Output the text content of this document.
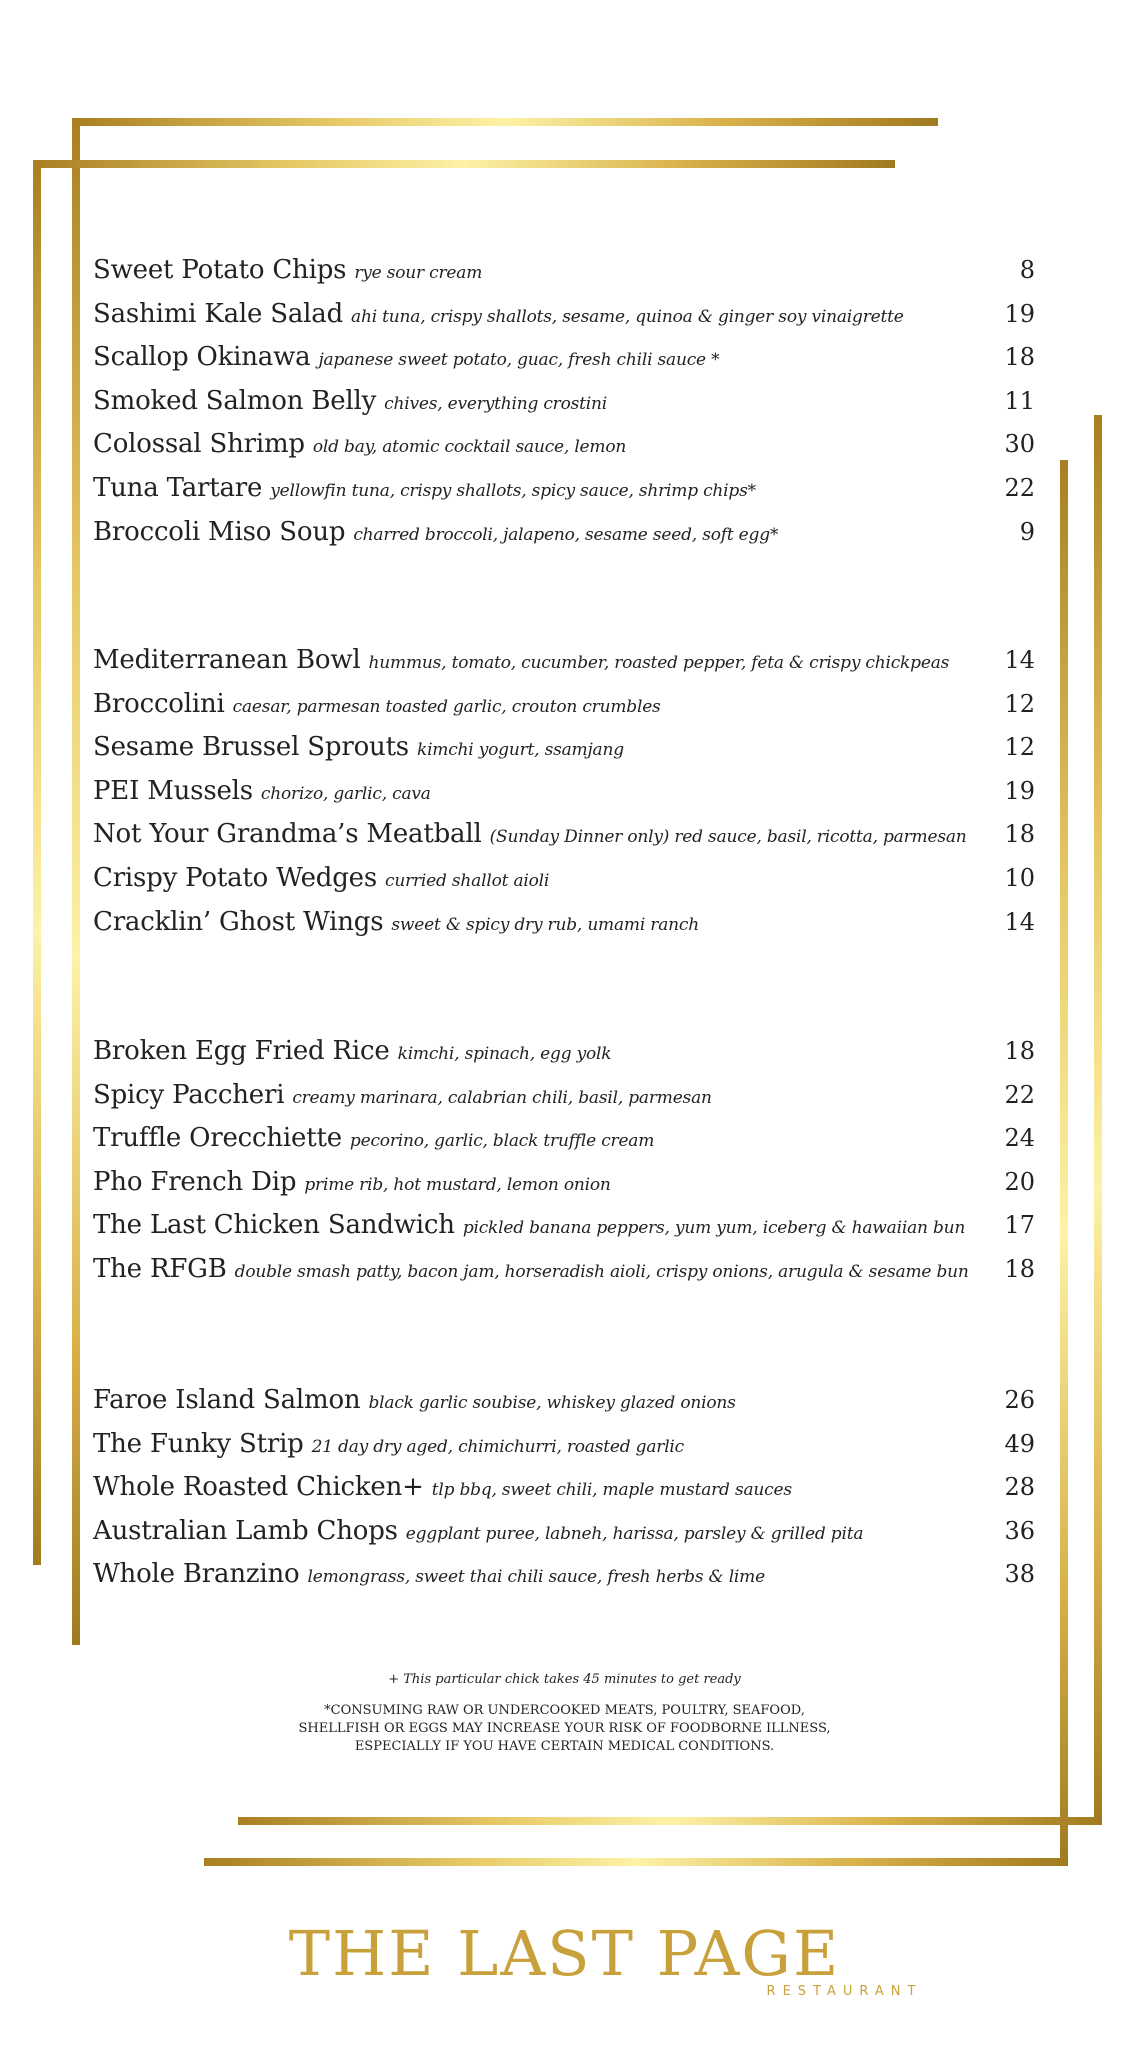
Sweet Potato Chips rye sour cream	8
Sashimi Kale Salad ahi tuna, crispy shallots, sesame, quinoa & ginger soy vinaigrette	19
Scallop Okinawa japanese sweet potato, guac, fresh chili sauce *	18
Smoked Salmon Belly chives, everything crostini	11
Colossal Shrimp old bay, atomic cocktail sauce, lemon	30
Tuna Tartare yellowfin tuna, crispy shallots, spicy sauce, shrimp chips*	22
Broccoli Miso Soup charred broccoli, jalapeno, sesame seed, soft egg*	9
Mediterranean Bowl hummus, tomato, cucumber, roasted pepper, feta & crispy chickpeas 14
Broccolini caesar, parmesan toasted garlic, crouton crumbles	12
Sesame Brussel Sprouts kimchi yogurt, ssamjang	12
PEI Mussels chorizo, garlic, cava	19
Not Your Grandma’s Meatball (Sunday Dinner only) red sauce, basil, ricotta, parmesan 18
Crispy Potato Wedges curried shallot aioli	10
Cracklin’ Ghost Wings sweet & spicy dry rub, umami ranch	14
Broken Egg Fried Rice kimchi, spinach, egg yolk	18
Spicy Paccheri creamy marinara, calabrian chili, basil, parmesan	22
Truffle Orecchiette pecorino, garlic, black truffle cream	24
Pho French Dip prime rib, hot mustard, lemon onion	20
The Last Chicken Sandwich pickled banana peppers, yum yum, iceberg & hawaiian bun 17
The RFGB double smash patty, bacon jam, horseradish aioli, crispy onions, arugula & sesame bun 18
Faroe Island Salmon black garlic soubise, whiskey glazed onions	26
The Funky Strip 21 day dry aged, chimichurri, roasted garlic	49
Whole Roasted Chicken+ tlp bbq, sweet chili, maple mustard sauces	28
Australian Lamb Chops eggplant puree, labneh, harissa, parsley & grilled pita	36
Whole Branzino lemongrass, sweet thai chili sauce, fresh herbs & lime	38
+ This particular chick takes 45 minutes to get ready
*CONSUMING RAW OR UNDERCOOKED MEATS, POULTRY, SEAFOOD,
SHELLFISH OR EGGS MAY INCREASE YOUR RISK OF FOODBORNE ILLNESS,
ESPECIALLY IF YOU HAVE CERTAIN MEDICAL CONDITIONS.
THE LAST PAGE
RESTAURANT
